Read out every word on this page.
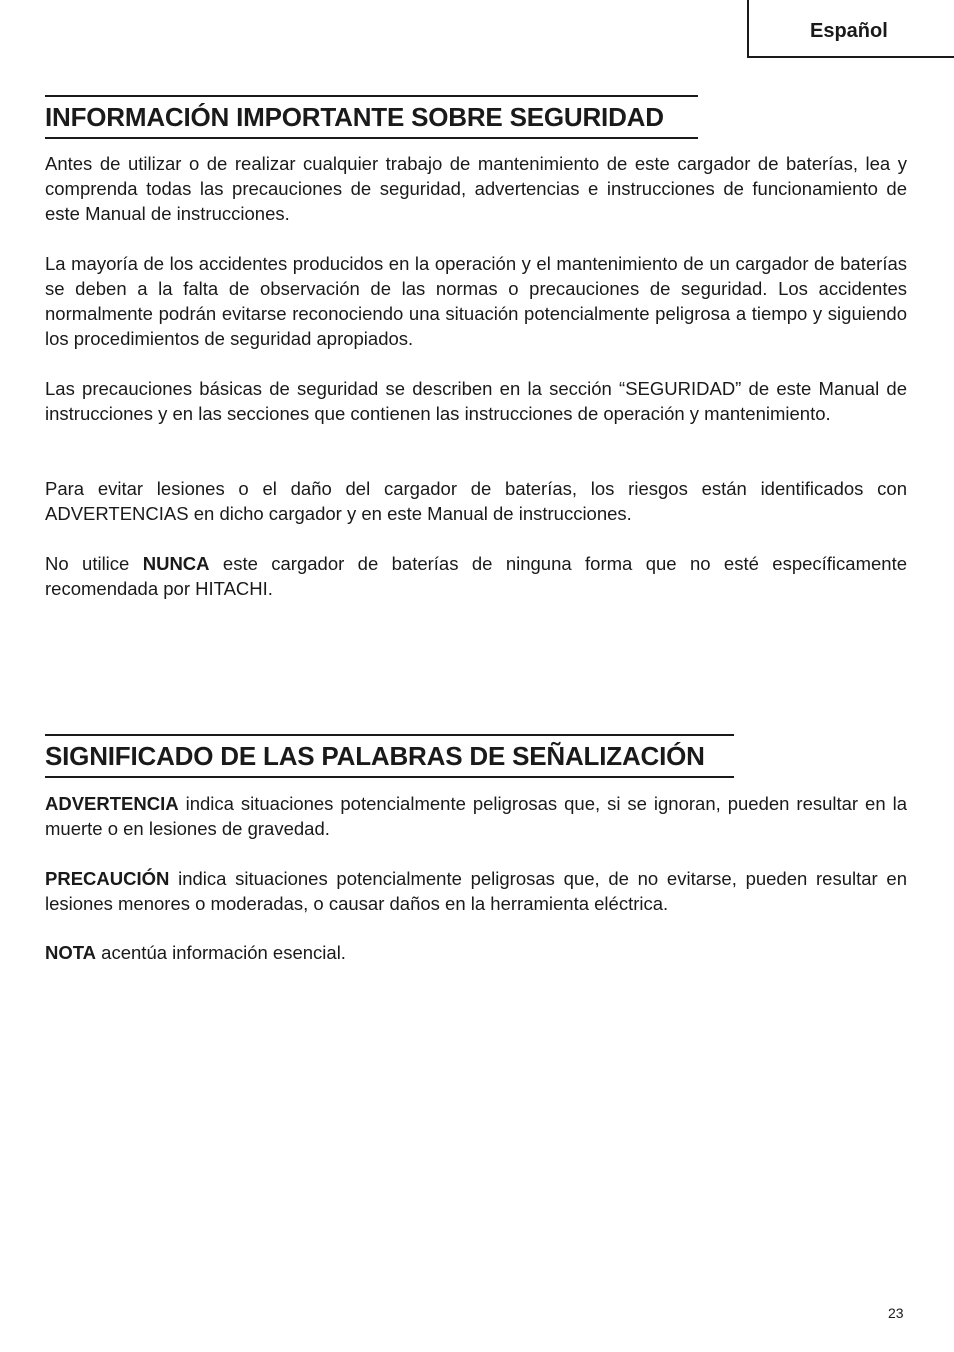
Español
INFORMACIÓN IMPORTANTE SOBRE SEGURIDAD

Antes de utilizar o de realizar cualquier trabajo de mantenimiento de este cargador de baterías, lea y comprenda todas las precauciones de seguridad, advertencias e instrucciones de funcionamiento de este Manual de instrucciones.

La mayoría de los accidentes producidos en la operación y el mantenimiento de un cargador de baterías se deben a la falta de observación de las normas o precauciones de seguridad. Los accidentes normalmente podrán evitarse reconociendo una situación potencialmente peligrosa a tiempo y siguiendo los procedimientos de seguridad apropiados.

Las precauciones básicas de seguridad se describen en la sección “SEGURIDAD” de este Manual de instrucciones y en las secciones que contienen las instrucciones de operación y mantenimiento.

Para evitar lesiones o el daño del cargador de baterías, los riesgos están identificados con ADVERTENCIAS en dicho cargador y en este Manual de instrucciones.

No utilice NUNCA este cargador de baterías de ninguna forma que no esté específicamente recomendada por HITACHI.

SIGNIFICADO DE LAS PALABRAS DE SEÑALIZACIÓN

ADVERTENCIA indica situaciones potencialmente peligrosas que, si se ignoran, pueden resultar en la muerte o en lesiones de gravedad.

PRECAUCIÓN indica situaciones potencialmente peligrosas que, de no evitarse, pueden resultar en lesiones menores o moderadas, o causar daños en la herramienta eléctrica.

NOTA acentúa información esencial.

23
